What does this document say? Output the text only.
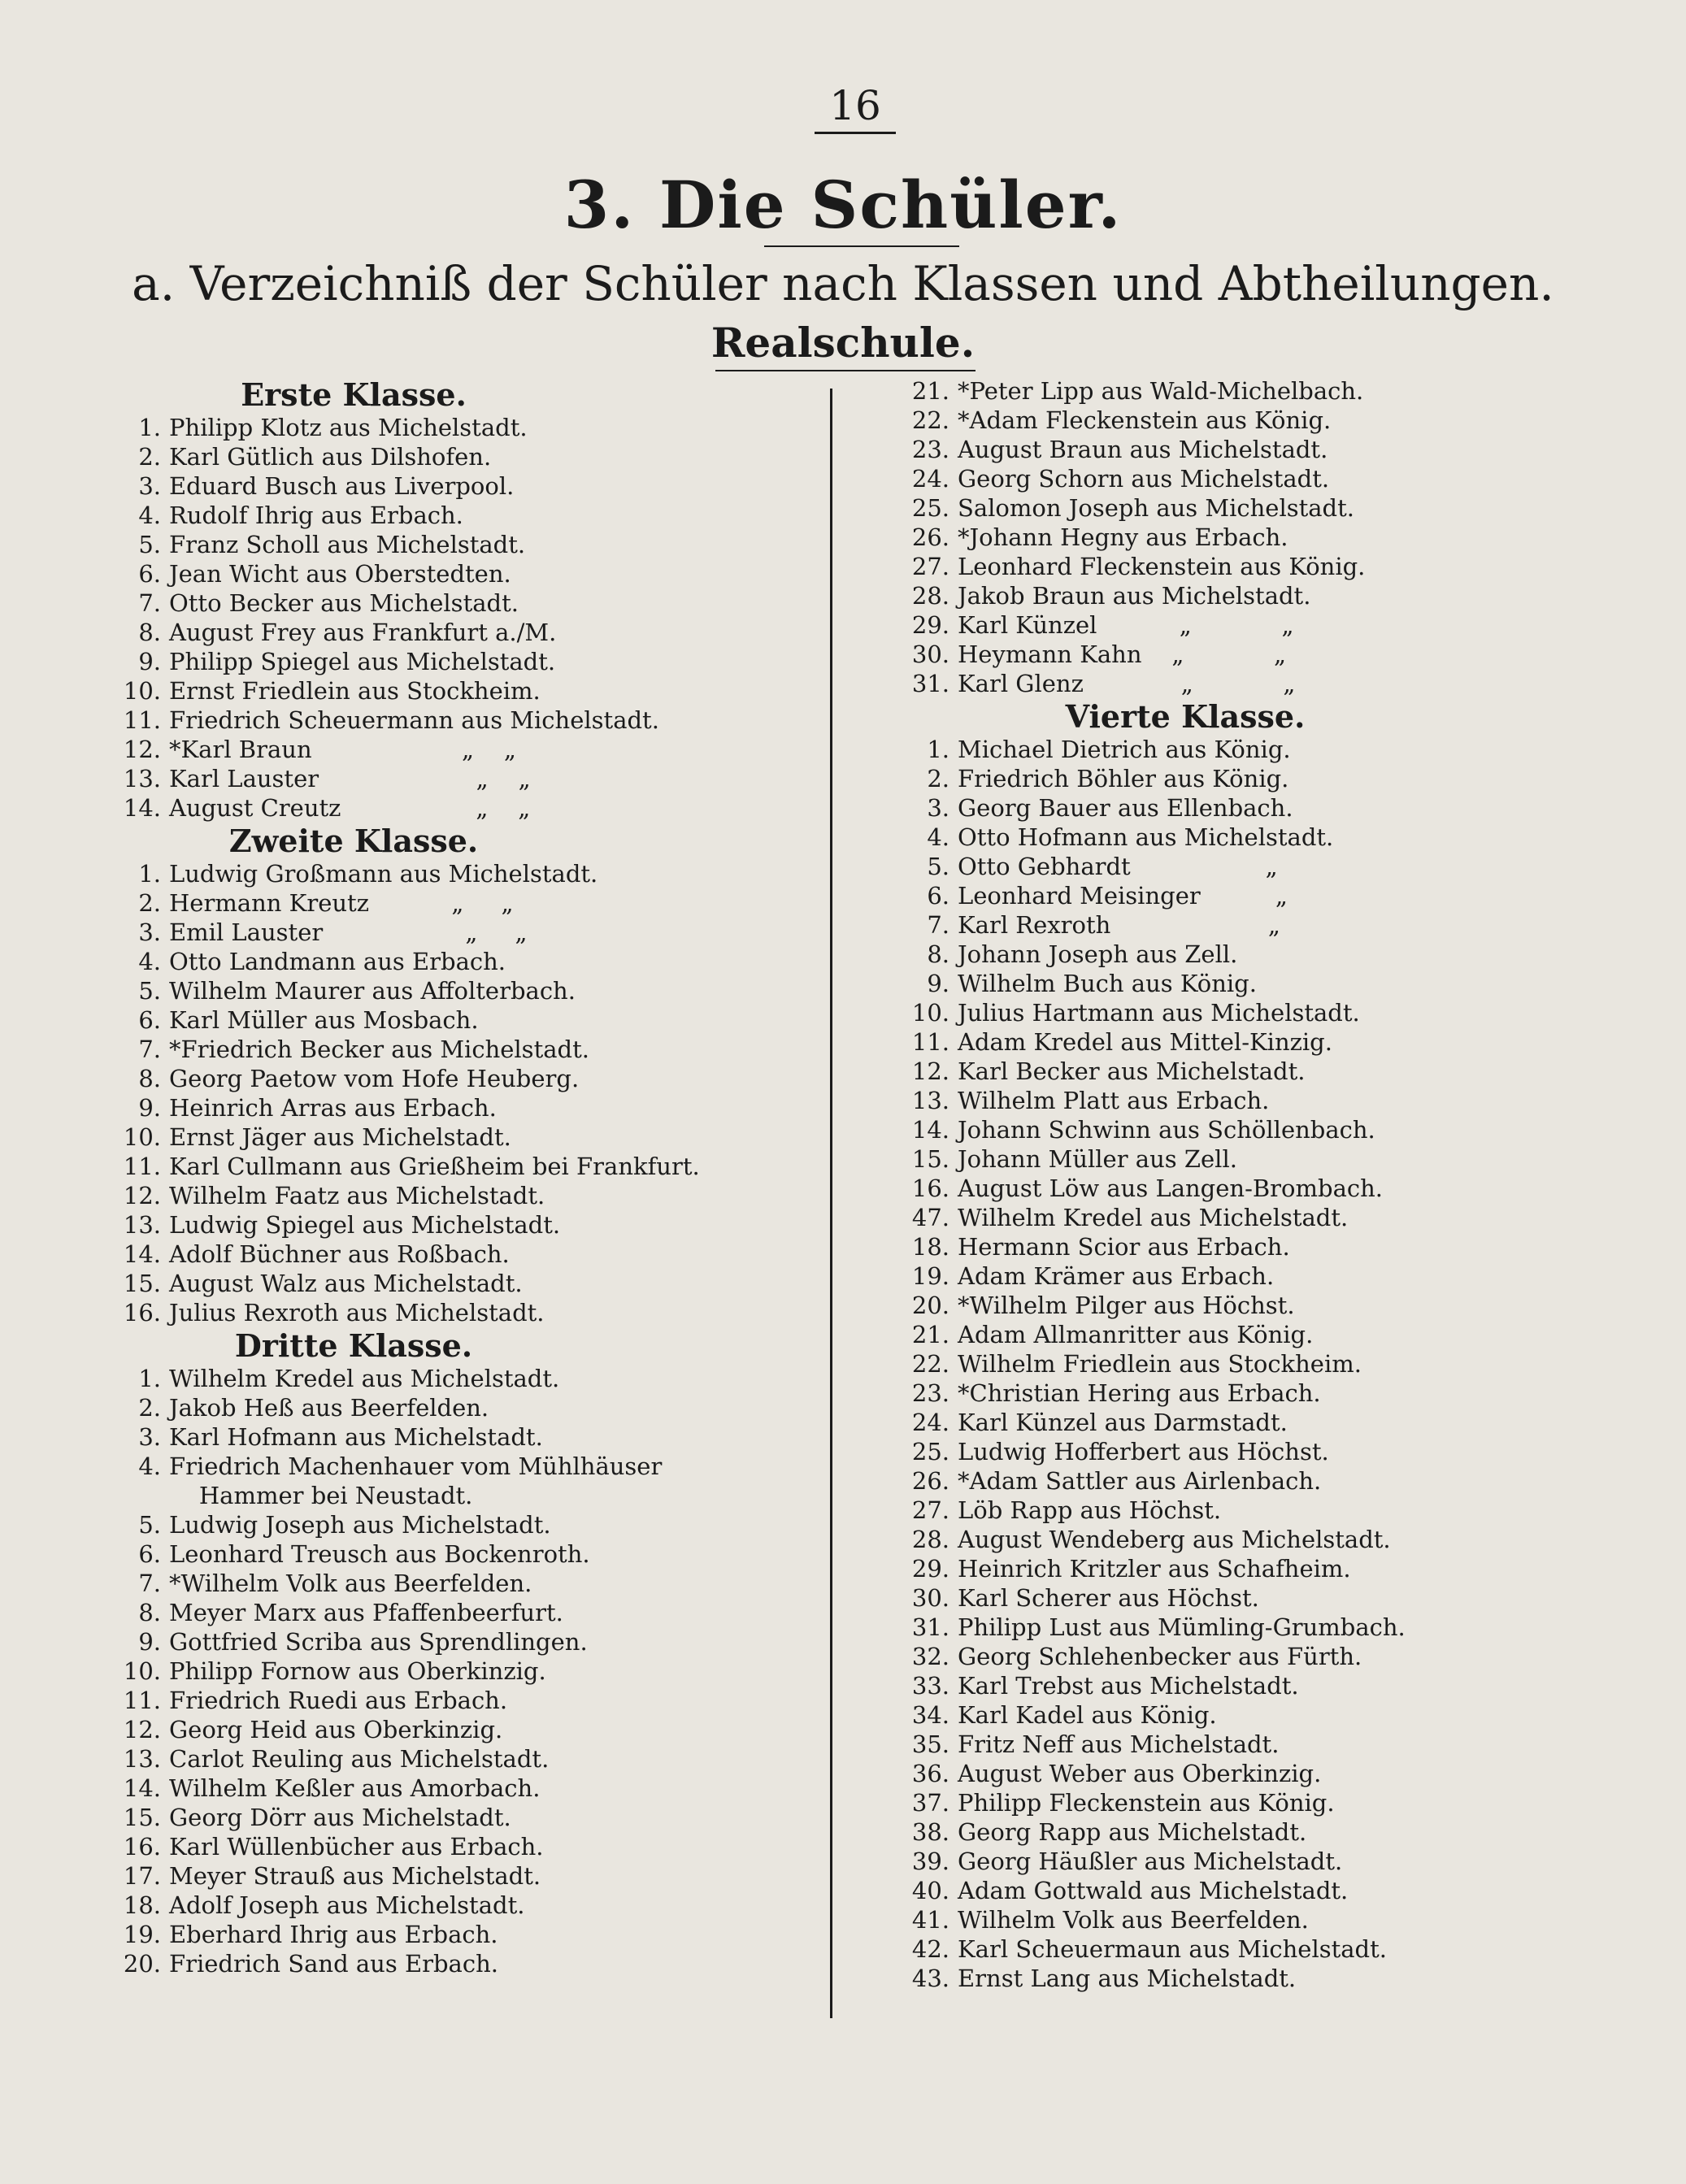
16
3. Die Schüler.
a. Verzeichniß der Schüler nach Klassen und Abtheilungen.
Realschule.
Erste Klasse.
1. Philipp Klotz aus Michelstadt.
2. Karl Gütlich aus Dilshofen.
3. Eduard Busch aus Liverpool.
4. Rudolf Ihrig aus Erbach.
5. Franz Scholl aus Michelstadt.
6. Jean Wicht aus Oberstedten.
7. Otto Becker aus Michelstadt.
8. August Frey aus Frankfurt a./M.
9. Philipp Spiegel aus Michelstadt.
10. Ernst Friedlein aus Stockheim.
11. Friedrich Scheuermann aus Michelstadt.
12. *Karl Braun                    „    „
13. Karl Lauster                     „    „
14. August Creutz                  „    „
Zweite Klasse.
1. Ludwig Großmann aus Michelstadt.
2. Hermann Kreutz           „     „
3. Emil Lauster                   „     „
4. Otto Landmann aus Erbach.
5. Wilhelm Maurer aus Affolterbach.
6. Karl Müller aus Mosbach.
7. *Friedrich Becker aus Michelstadt.
8. Georg Paetow vom Hofe Heuberg.
9. Heinrich Arras aus Erbach.
10. Ernst Jäger aus Michelstadt.
11. Karl Cullmann aus Grießheim bei Frankfurt.
12. Wilhelm Faatz aus Michelstadt.
13. Ludwig Spiegel aus Michelstadt.
14. Adolf Büchner aus Roßbach.
15. August Walz aus Michelstadt.
16. Julius Rexroth aus Michelstadt.
Dritte Klasse.
1. Wilhelm Kredel aus Michelstadt.
2. Jakob Heß aus Beerfelden.
3. Karl Hofmann aus Michelstadt.
4. Friedrich Machenhauer vom Mühlhäuser
Hammer bei Neustadt.
5. Ludwig Joseph aus Michelstadt.
6. Leonhard Treusch aus Bockenroth.
7. *Wilhelm Volk aus Beerfelden.
8. Meyer Marx aus Pfaffenbeerfurt.
9. Gottfried Scriba aus Sprendlingen.
10. Philipp Fornow aus Oberkinzig.
11. Friedrich Ruedi aus Erbach.
12. Georg Heid aus Oberkinzig.
13. Carlot Reuling aus Michelstadt.
14. Wilhelm Keßler aus Amorbach.
15. Georg Dörr aus Michelstadt.
16. Karl Wüllenbücher aus Erbach.
17. Meyer Strauß aus Michelstadt.
18. Adolf Joseph aus Michelstadt.
19. Eberhard Ihrig aus Erbach.
20. Friedrich Sand aus Erbach.
21. *Peter Lipp aus Wald-Michelbach.
22. *Adam Fleckenstein aus König.
23. August Braun aus Michelstadt.
24. Georg Schorn aus Michelstadt.
25. Salomon Joseph aus Michelstadt.
26. *Johann Hegny aus Erbach.
27. Leonhard Fleckenstein aus König.
28. Jakob Braun aus Michelstadt.
29. Karl Künzel           „            „
30. Heymann Kahn    „            „
31. Karl Glenz             „            „
Vierte Klasse.
1. Michael Dietrich aus König.
2. Friedrich Böhler aus König.
3. Georg Bauer aus Ellenbach.
4. Otto Hofmann aus Michelstadt.
5. Otto Gebhardt                  „
6. Leonhard Meisinger          „
7. Karl Rexroth                     „
8. Johann Joseph aus Zell.
9. Wilhelm Buch aus König.
10. Julius Hartmann aus Michelstadt.
11. Adam Kredel aus Mittel-Kinzig.
12. Karl Becker aus Michelstadt.
13. Wilhelm Platt aus Erbach.
14. Johann Schwinn aus Schöllenbach.
15. Johann Müller aus Zell.
16. August Löw aus Langen-Brombach.
47. Wilhelm Kredel aus Michelstadt.
18. Hermann Scior aus Erbach.
19. Adam Krämer aus Erbach.
20. *Wilhelm Pilger aus Höchst.
21. Adam Allmanritter aus König.
22. Wilhelm Friedlein aus Stockheim.
23. *Christian Hering aus Erbach.
24. Karl Künzel aus Darmstadt.
25. Ludwig Hofferbert aus Höchst.
26. *Adam Sattler aus Airlenbach.
27. Löb Rapp aus Höchst.
28. August Wendeberg aus Michelstadt.
29. Heinrich Kritzler aus Schafheim.
30. Karl Scherer aus Höchst.
31. Philipp Lust aus Mümling-Grumbach.
32. Georg Schlehenbecker aus Fürth.
33. Karl Trebst aus Michelstadt.
34. Karl Kadel aus König.
35. Fritz Neff aus Michelstadt.
36. August Weber aus Oberkinzig.
37. Philipp Fleckenstein aus König.
38. Georg Rapp aus Michelstadt.
39. Georg Häußler aus Michelstadt.
40. Adam Gottwald aus Michelstadt.
41. Wilhelm Volk aus Beerfelden.
42. Karl Scheuermaun aus Michelstadt.
43. Ernst Lang aus Michelstadt.
